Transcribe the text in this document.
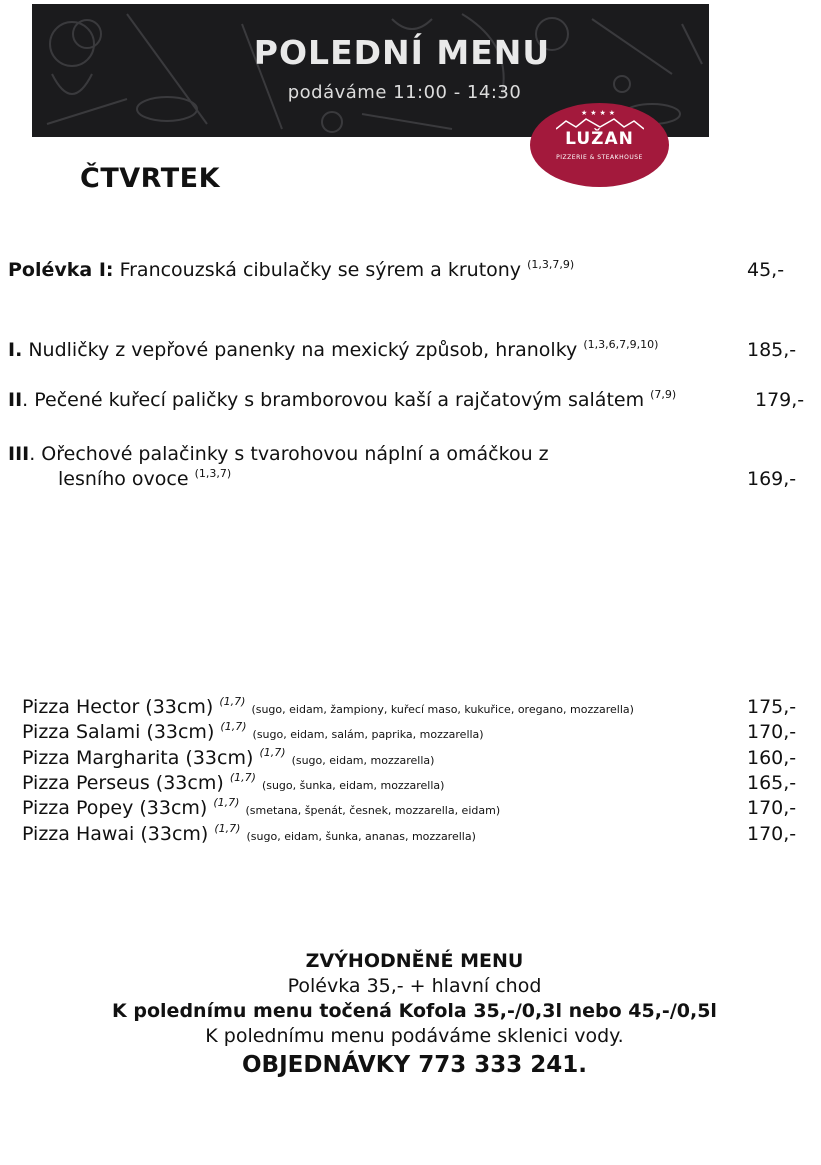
POLEDNÍ MENU
podáváme 11:00 - 14:30
★★★★
LUŽAN
PIZZERIE & STEAKHOUSE
ČTVRTEK
Polévka I: Francouzská cibulačky se sýrem a krutony $^{(1,3,7,9)}$	45,-
I. Nudličky z vepřové panenky na mexický způsob, hranolky $^{(1,3,6,7,9,10)}$	185,-
II. Pečené kuřecí paličky s bramborovou kaší a rajčatovým salátem $^{(7,9)}$	179,-
III. Ořechové palačinky s tvarohovou náplní a omáčkou z
lesního ovoce $^{(1,3,7)}$	169,-
Pizza Hector (33cm) $^{(1,7)}$ (sugo, eidam, žampiony, kuřecí maso, kukuřice, oregano, mozzarella)	175,-
Pizza Salami (33cm) $^{(1,7)}$ (sugo, eidam, salám, paprika, mozzarella)	170,-
Pizza Margharita (33cm) $^{(1,7)}$ (sugo, eidam, mozzarella)	160,-
Pizza Perseus (33cm) $^{(1,7)}$ (sugo, šunka, eidam, mozzarella)	165,-
Pizza Popey (33cm) $^{(1,7)}$ (smetana, špenát, česnek, mozzarella, eidam)	170,-
Pizza Hawai (33cm) $^{(1,7)}$ (sugo, eidam, šunka, ananas, mozzarella)	170,-
ZVÝHODNĚNÉ MENU
Polévka 35,- + hlavní chod
K polednímu menu točená Kofola 35,-/0,3l nebo 45,-/0,5l
K polednímu menu podáváme sklenici vody.
OBJEDNÁVKY 773 333 241.
